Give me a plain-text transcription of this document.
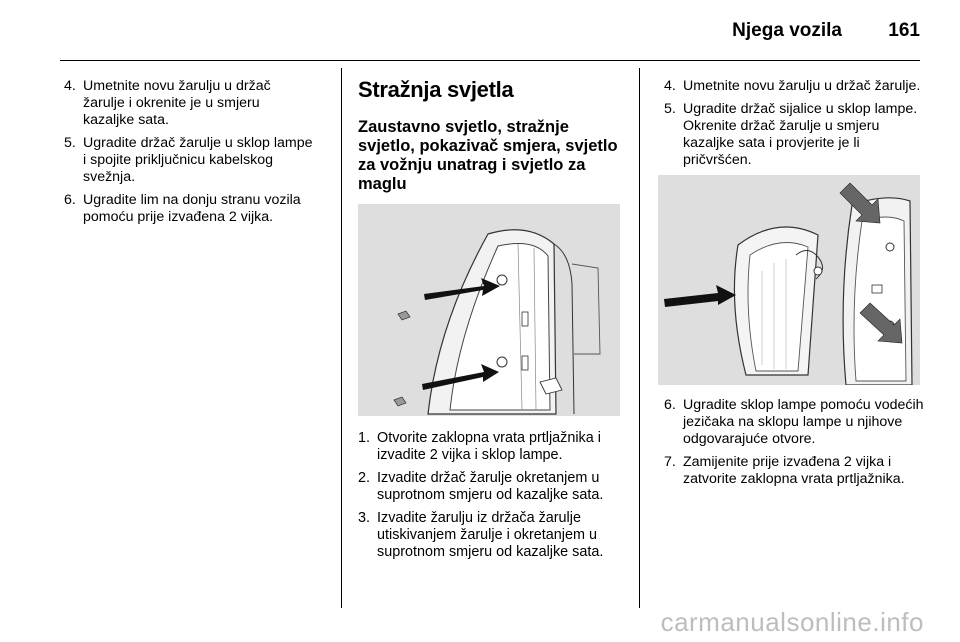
Njega vozila 161
4. Umetnite novu žarulju u držač žarulje i okrenite je u smjeru kazaljke sata.
5. Ugradite držač žarulje u sklop lampe i spojite priključnicu kabelskog svežnja.
6. Ugradite lim na donju stranu vozila pomoću prije izvađena 2 vijka.
Stražnja svjetla
Zaustavno svjetlo, stražnje svjetlo, pokazivač smjera, svjetlo za vožnju unatrag i svjetlo za maglu
1. Otvorite zaklopna vrata prtljažnika i izvadite 2 vijka i sklop lampe.
2. Izvadite držač žarulje okretanjem u suprotnom smjeru od kazaljke sata.
3. Izvadite žarulju iz držača žarulje utiskivanjem žarulje i okretanjem u suprotnom smjeru od kazaljke sata.
4. Umetnite novu žarulju u držač žarulje.
5. Ugradite držač sijalice u sklop lampe. Okrenite držač žarulje u smjeru kazaljke sata i provjerite je li pričvršćen.
6. Ugradite sklop lampe pomoću vodećih jezičaka na sklopu lampe u njihove odgovarajuće otvore.
7. Zamijenite prije izvađena 2 vijka i zatvorite zaklopna vrata prtljažnika.
carmanualsonline.info
